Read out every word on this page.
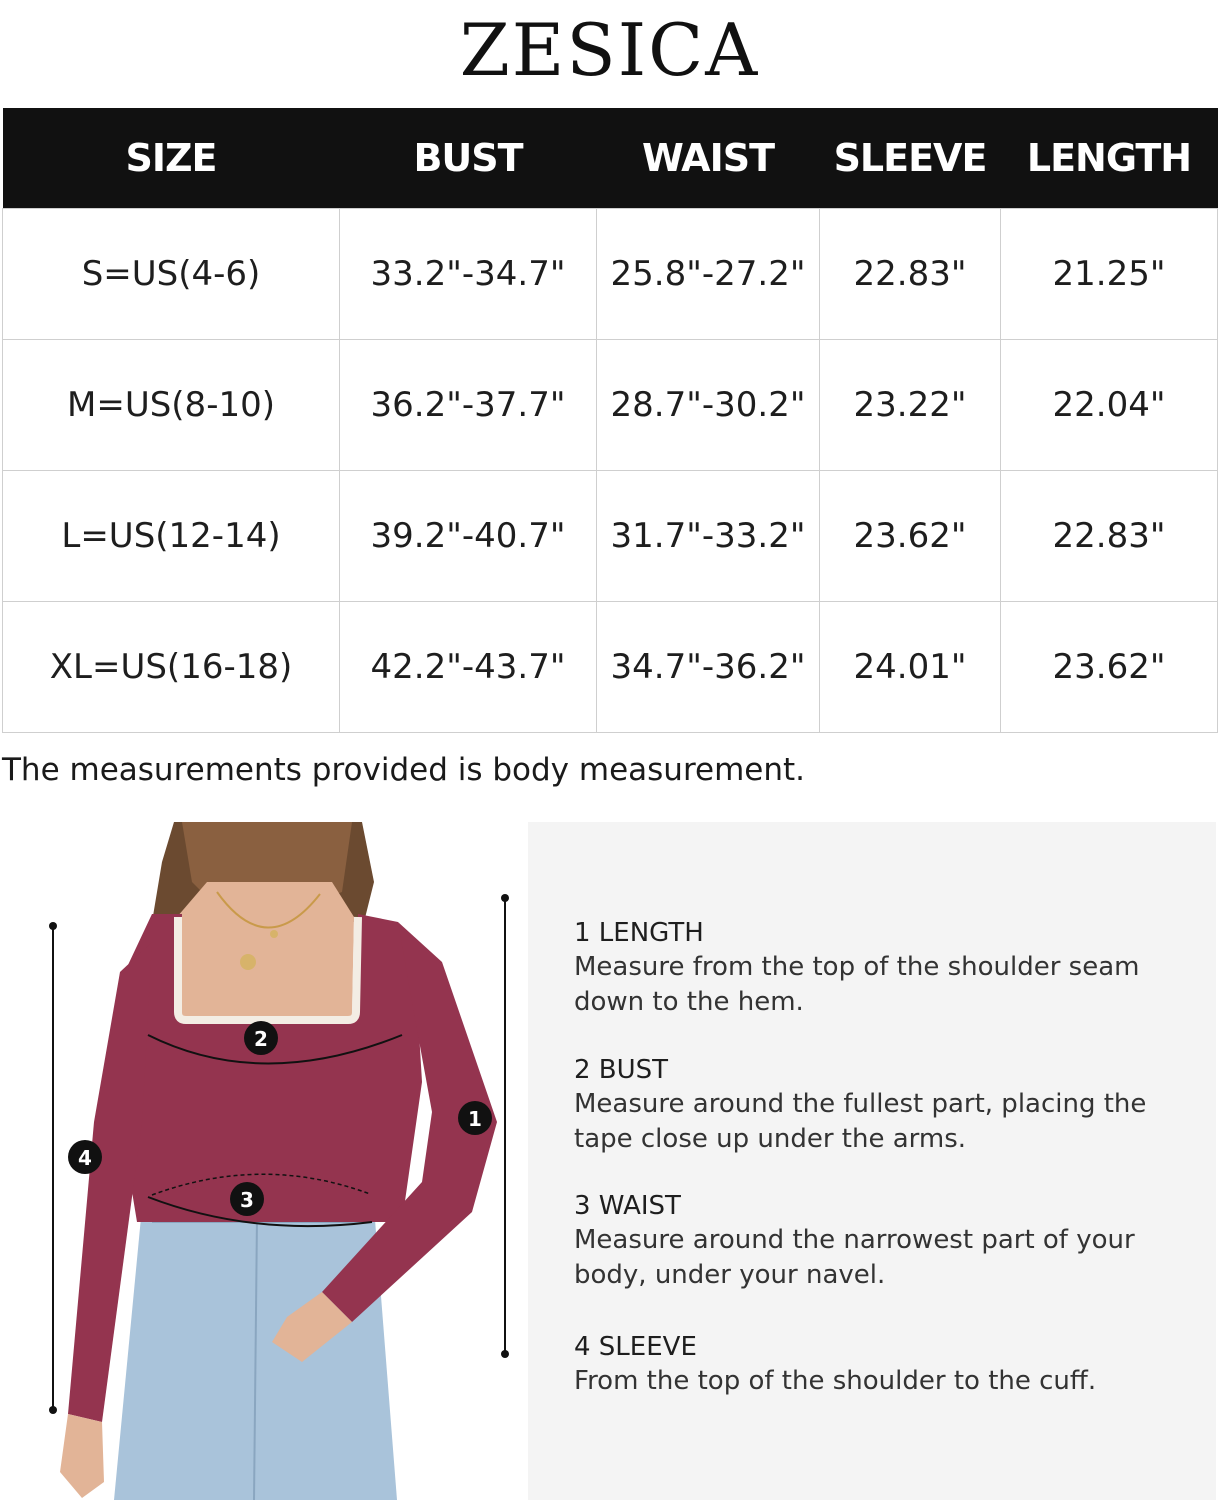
ZESICA
SIZE	BUST	WAIST	SLEEVE	LENGTH
S=US(4-6)	33.2"-34.7"	25.8"-27.2"	22.83"	21.25"
M=US(8-10)	36.2"-37.7"	28.7"-30.2"	23.22"	22.04"
L=US(12-14)	39.2"-40.7"	31.7"-33.2"	23.62"	22.83"
XL=US(16-18)	42.2"-43.7"	34.7"-36.2"	24.01"	23.62"
The measurements provided is body measurement.
1
2
3
4
1 LENGTH
Measure from the top of the shoulder seam down to the hem.
2 BUST
Measure around the fullest part, placing the tape close up under the arms.
3 WAIST
Measure around the narrowest part of your body, under your navel.
4 SLEEVE
From the top of the shoulder to the cuff.
